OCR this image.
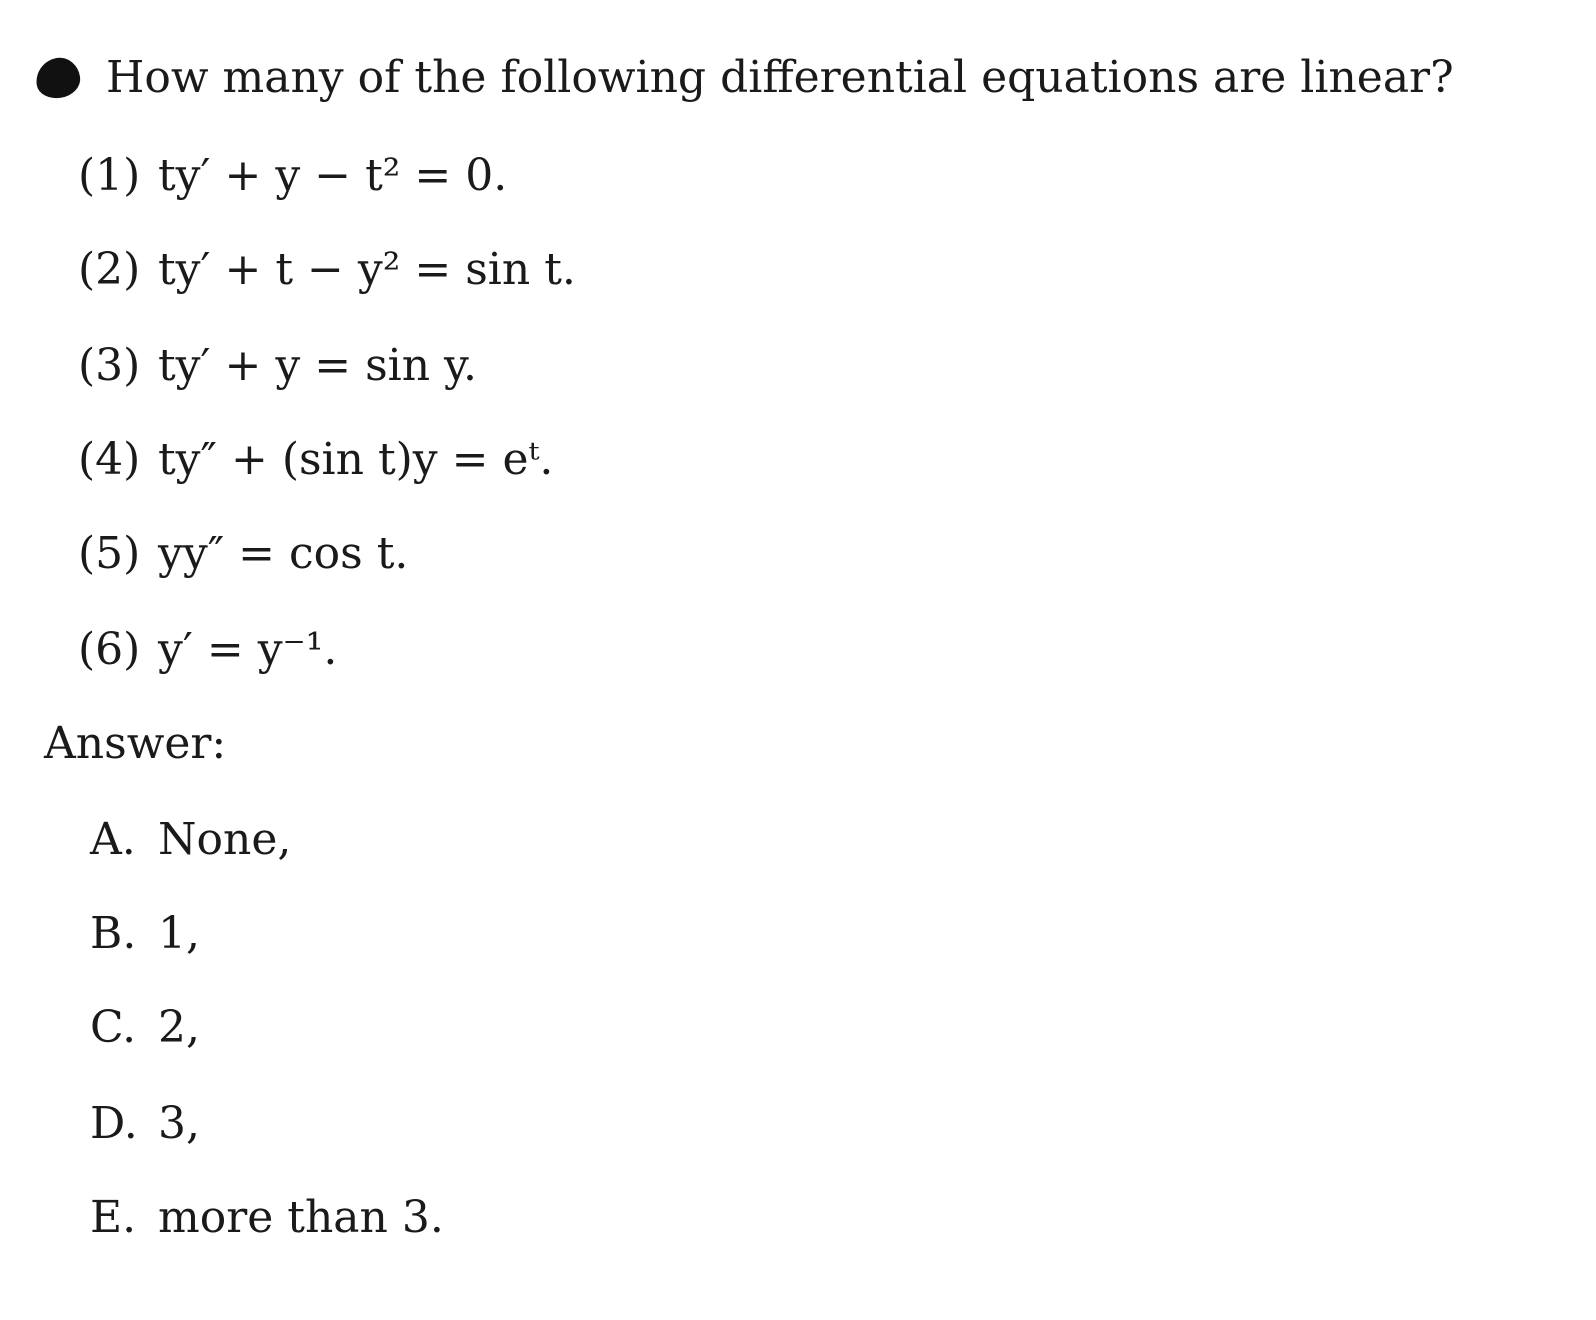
How many of the following differential equations are linear?
(1) ty′ + y − t² = 0.
(2) ty′ + t − y² = sin t.
(3) ty′ + y = sin y.
(4) ty″ + (sin t)y = eᵗ.
(5) yy″ = cos t.
(6) y′ = y⁻¹.
Answer:
A. None,
B. 1,
C. 2,
D. 3,
E. more than 3.
